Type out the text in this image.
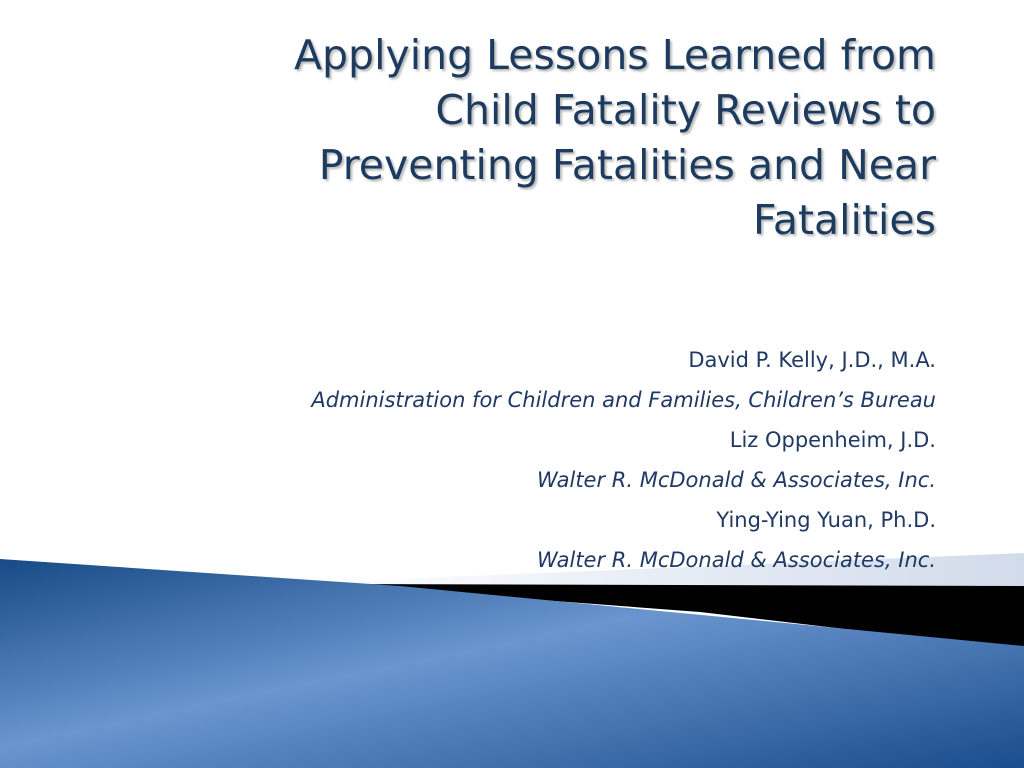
Applying Lessons Learned from
Child Fatality Reviews to
Preventing Fatalities and Near
Fatalities
David P. Kelly, J.D., M.A.
Administration for Children and Families, Children’s Bureau
Liz Oppenheim, J.D.
Walter R. McDonald & Associates, Inc.
Ying-Ying Yuan, Ph.D.
Walter R. McDonald & Associates, Inc.
